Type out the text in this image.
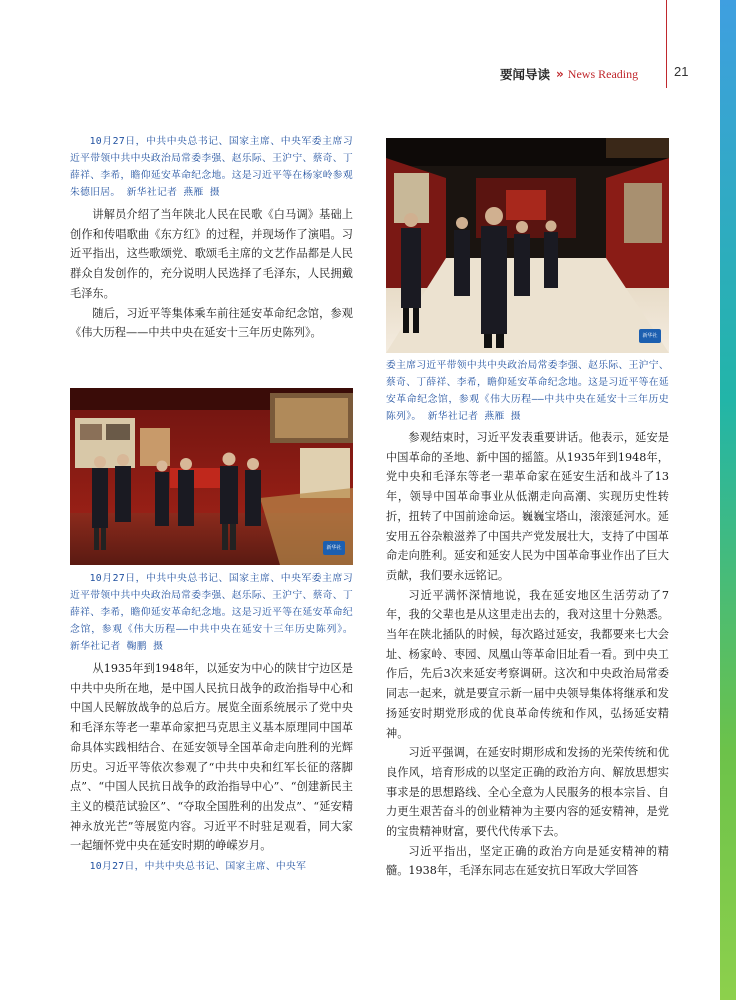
要闻导读 » News Reading	21

10月27日，中共中央总书记、国家主席、中央军委主席习近平带领中共中央政治局常委李强、赵乐际、王沪宁、蔡奇、丁薛祥、李希，瞻仰延安革命纪念地。这是习近平等在杨家岭参观朱德旧居。 新华社记者 燕雁 摄

讲解员介绍了当年陕北人民在民歌《白马调》基础上创作和传唱歌曲《东方红》的过程，并现场作了演唱。习近平指出，这些歌颂党、歌颂毛主席的文艺作品都是人民群众自发创作的，充分说明人民选择了毛泽东，人民拥戴毛泽东。

随后，习近平等集体乘车前往延安革命纪念馆，参观《伟大历程——中共中央在延安十三年历史陈列》。

新华社

10月27日，中共中央总书记、国家主席、中央军委主席习近平带领中共中央政治局常委李强、赵乐际、王沪宁、蔡奇、丁薛祥、李希，瞻仰延安革命纪念地。这是习近平等在延安革命纪念馆，参观《伟大历程——中共中央在延安十三年历史陈列》。 新华社记者 鞠鹏 摄

从1935年到1948年，以延安为中心的陕甘宁边区是中共中央所在地，是中国人民抗日战争的政治指导中心和中国人民解放战争的总后方。展览全面系统展示了党中央和毛泽东等老一辈革命家把马克思主义基本原理同中国革命具体实践相结合、在延安领导全国革命走向胜利的光辉历史。习近平等依次参观了“中共中央和红军长征的落脚点”、“中国人民抗日战争的政治指导中心”、“创建新民主主义的模范试验区”、“夺取全国胜利的出发点”、“延安精神永放光芒”等展览内容。习近平不时驻足观看，同大家一起缅怀党中央在延安时期的峥嵘岁月。

10月27日，中共中央总书记、国家主席、中央军

新华社

委主席习近平带领中共中央政治局常委李强、赵乐际、王沪宁、蔡奇、丁薛祥、李希，瞻仰延安革命纪念地。这是习近平等在延安革命纪念馆，参观《伟大历程——中共中央在延安十三年历史陈列》。 新华社记者 燕雁 摄

参观结束时，习近平发表重要讲话。他表示，延安是中国革命的圣地、新中国的摇篮。从1935年到1948年，党中央和毛泽东等老一辈革命家在延安生活和战斗了13年，领导中国革命事业从低潮走向高潮、实现历史性转折，扭转了中国前途命运。巍巍宝塔山，滚滚延河水。延安用五谷杂粮滋养了中国共产党发展壮大，支持了中国革命走向胜利。延安和延安人民为中国革命事业作出了巨大贡献，我们要永远铭记。

习近平满怀深情地说，我在延安地区生活劳动了7年，我的父辈也是从这里走出去的，我对这里十分熟悉。当年在陕北插队的时候，每次路过延安，我都要来七大会址、杨家岭、枣园、凤凰山等革命旧址看一看。到中央工作后，先后3次来延安考察调研。这次和中央政治局常委同志一起来，就是要宣示新一届中央领导集体将继承和发扬延安时期党形成的优良革命传统和作风，弘扬延安精神。

习近平强调，在延安时期形成和发扬的光荣传统和优良作风，培育形成的以坚定正确的政治方向、解放思想实事求是的思想路线、全心全意为人民服务的根本宗旨、自力更生艰苦奋斗的创业精神为主要内容的延安精神，是党的宝贵精神财富，要代代传承下去。

习近平指出，坚定正确的政治方向是延安精神的精髓。1938年，毛泽东同志在延安抗日军政大学回答
